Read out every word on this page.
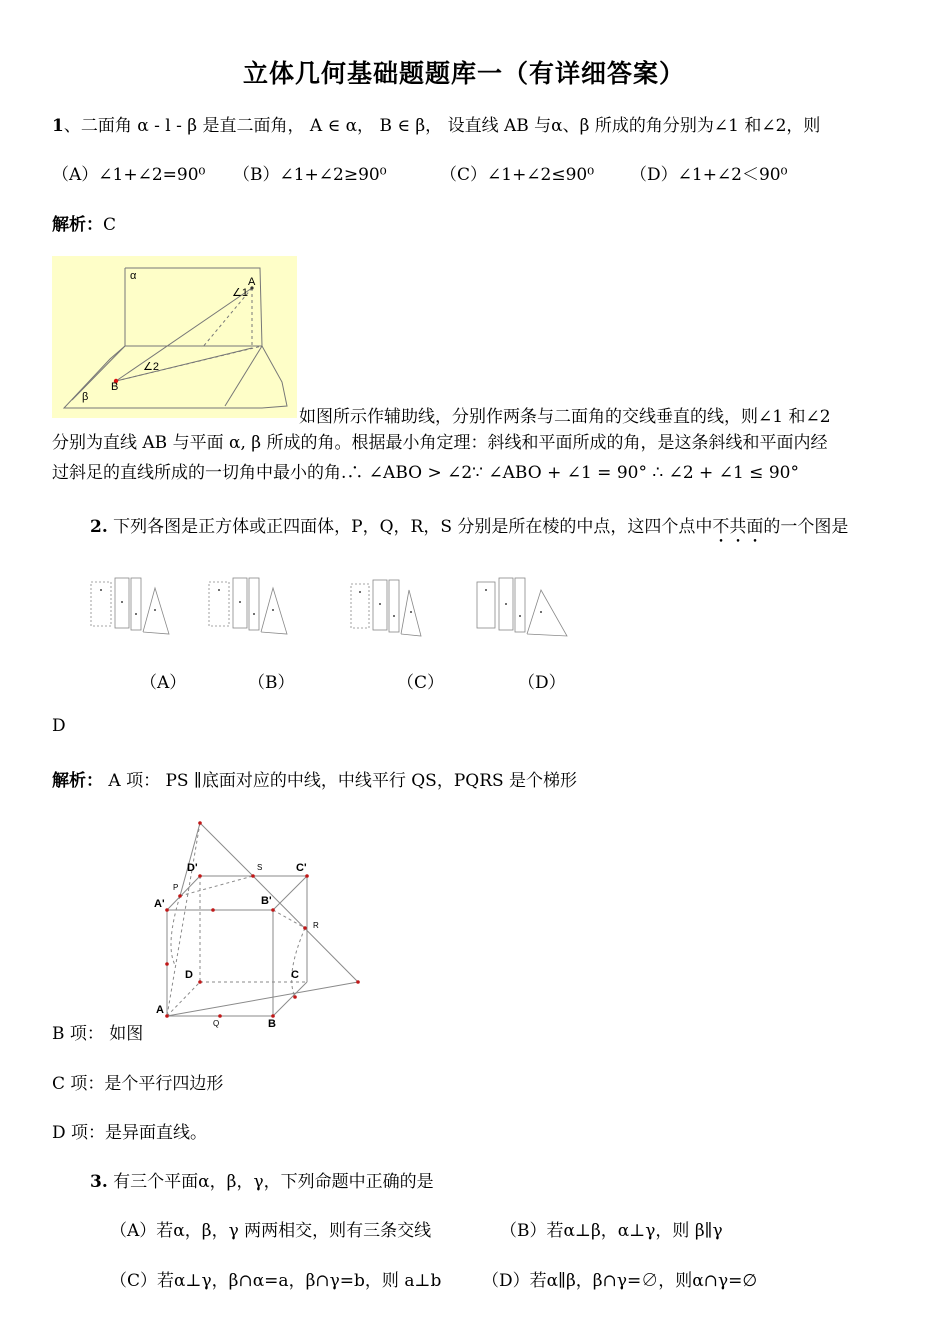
立体几何基础题题库一（有详细答案）
1、二面角 α - l - β 是直二面角， A ∈ α， B ∈ β， 设直线 AB 与α、β 所成的角分别为∠1 和∠2，则
（A）∠1+∠2=90⁰ （B）∠1+∠2≥90⁰	（C）∠1+∠2≤90⁰ （D）∠1+∠2＜90⁰
解析：C
α	A
∠1
∠2
B
β
如图所示作辅助线，分别作两条与二面角的交线垂直的线，则∠1 和∠2
分别为直线 AB 与平面 α, β 所成的角。根据最小角定理：斜线和平面所成的角，是这条斜线和平面内经
过斜足的直线所成的一切角中最小的角.∴ ∠ABO > ∠2∵ ∠ABO + ∠1 = 90° ∴ ∠2 + ∠1 ≤ 90°
2. 下列各图是正方体或正四面体，P，Q，R，S 分别是所在棱的中点，这四个点中不共面的一个图是
（A）	（B）	（C）	（D）
D
解析： A 项： PS ∥底面对应的中线，中线平行 QS，PQRS 是个梯形
D'	S	C'
P
A'	B'
R
D	C
A
Q	B
B 项： 如图
C 项：是个平行四边形
D 项：是异面直线。
3. 有三个平面α，β，γ，下列命题中正确的是
（A）若α，β，γ 两两相交，则有三条交线	（B）若α⊥β，α⊥γ，则 β∥γ
（C）若α⊥γ，β∩α=a，β∩γ=b，则 a⊥b （D）若α∥β，β∩γ=∅，则α∩γ=∅
